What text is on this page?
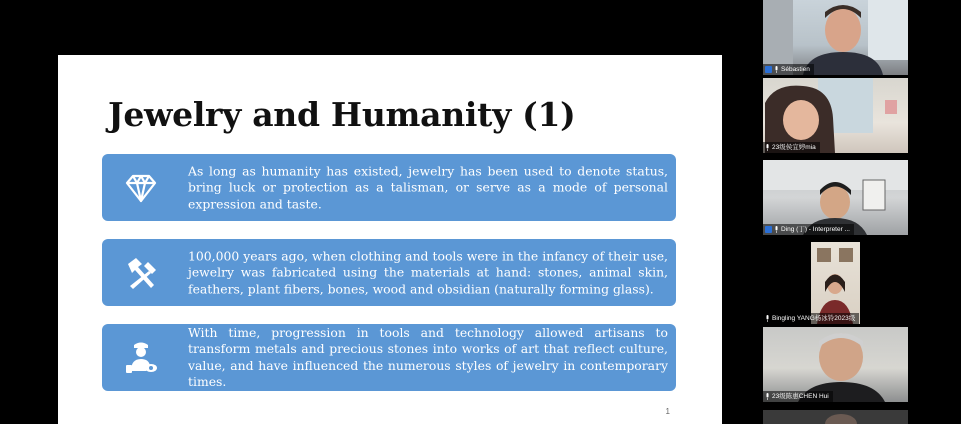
Jewelry and Humanity (1)
As long as humanity has existed, jewelry has been used to denote status, bring luck or protection as a talisman, or serve as a mode of personal expression and taste.
100,000 years ago, when clothing and tools were in the infancy of their use, jewelry was fabricated using the materials at hand: stones, animal skin, feathers, plant fibers, bones, wood and obsidian (naturally forming glass).
With time, progression in tools and technology allowed artisans to transform metals and precious stones into works of art that reflect culture, value, and have influenced the numerous styles of jewelry in contemporary times.
1
Sébastien
23级侯宜婷mia
Ding (丁) - Interpreter ...
Bingling YANG杨冰铃2023级
23级陈惠CHEN Hui
